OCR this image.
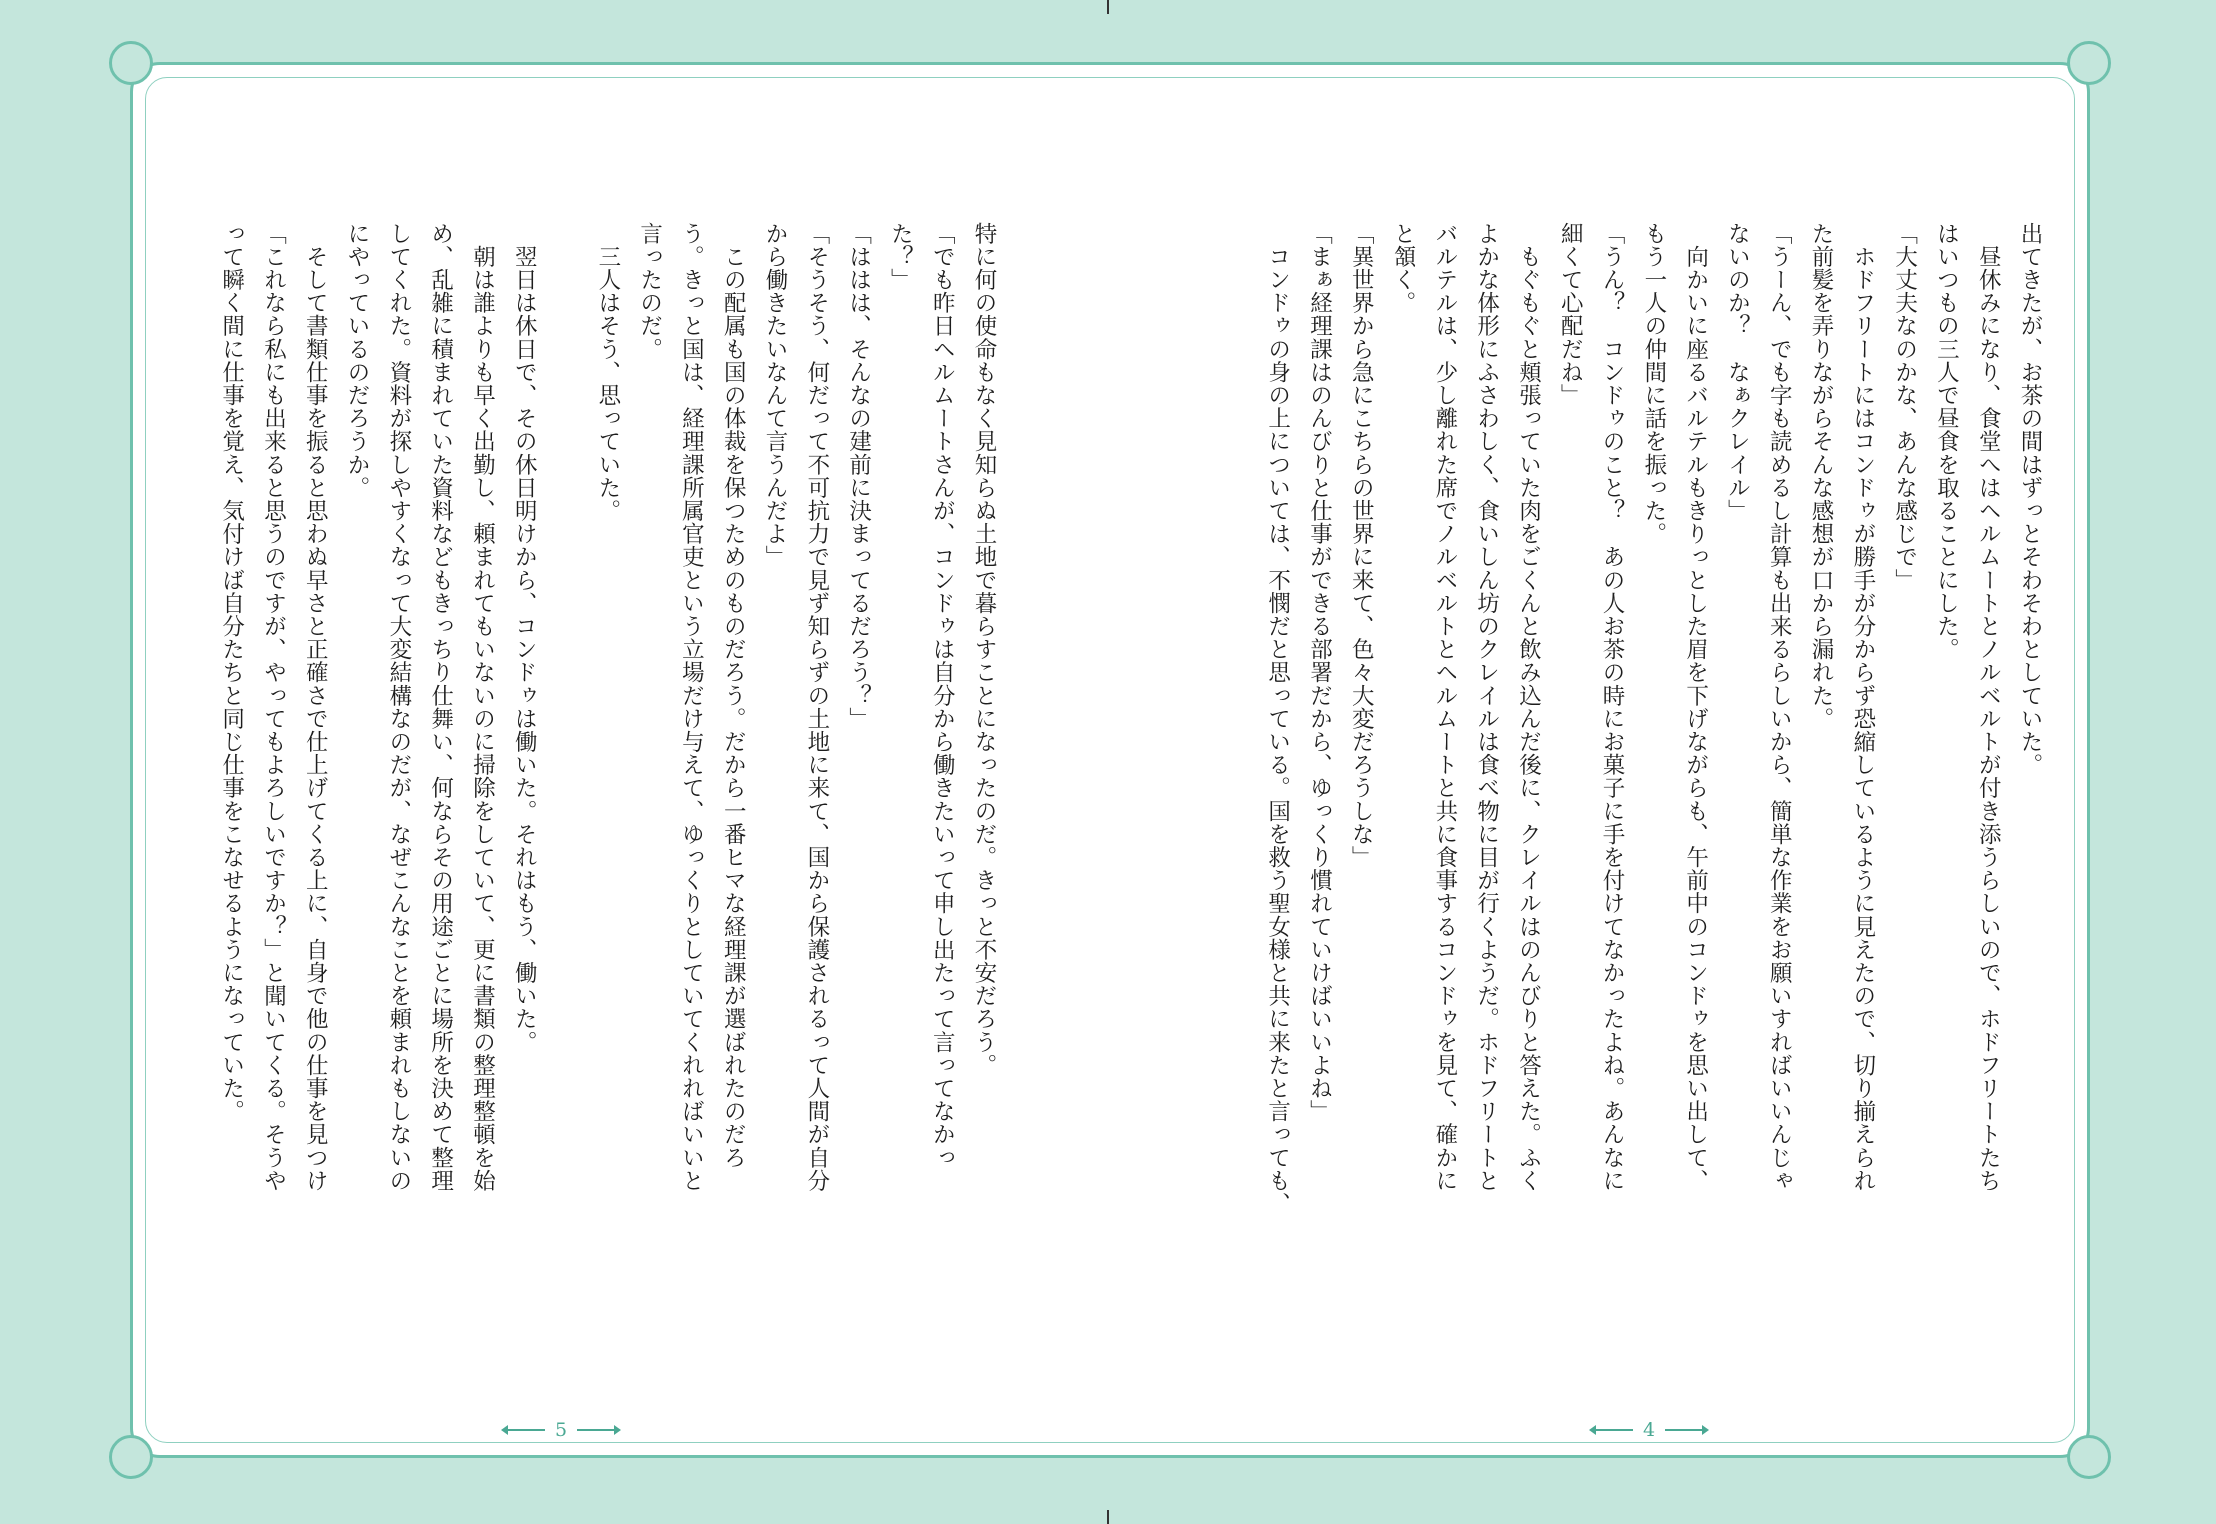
出てきたが、お茶の間はずっとそわそわとしていた。

　昼休みになり、食堂へはヘルムートとノルベルトが付き添うらしいので、ホドフリートたち

はいつもの三人で昼食を取ることにした。

「大丈夫なのかな、あんな感じで」

　ホドフリートにはコンドゥが勝手が分からず恐縮しているように見えたので、切り揃えられ

た前髪を弄りながらそんな感想が口から漏れた。

「うーん、でも字も読めるし計算も出来るらしいから、簡単な作業をお願いすればいいんじゃ

ないのか？　なぁクレイル」

　向かいに座るバルテルもきりっとした眉を下げながらも、午前中のコンドゥを思い出して、

もう一人の仲間に話を振った。

「うん？　コンドゥのこと？　あの人お茶の時にお菓子に手を付けてなかったよね。あんなに

細くて心配だね」

　もぐもぐと頬張っていた肉をごくんと飲み込んだ後に、クレイルはのんびりと答えた。ふく

よかな体形にふさわしく、食いしん坊のクレイルは食べ物に目が行くようだ。ホドフリートと

バルテルは、少し離れた席でノルベルトとヘルムートと共に食事するコンドゥを見て、確かに

と頷く。

「異世界から急にこちらの世界に来て、色々大変だろうしな」

「まぁ経理課はのんびりと仕事ができる部署だから、ゆっくり慣れていけばいいよね」

　コンドゥの身の上については、不憫だと思っている。国を救う聖女様と共に来たと言っても、

特に何の使命もなく見知らぬ土地で暮らすことになったのだ。きっと不安だろう。

「でも昨日ヘルムートさんが、コンドゥは自分から働きたいって申し出たって言ってなかっ

た？」

「ははは、そんなの建前に決まってるだろう？」

「そうそう、何だって不可抗力で見ず知らずの土地に来て、国から保護されるって人間が自分

から働きたいなんて言うんだよ」

　この配属も国の体裁を保つためのものだろう。だから一番ヒマな経理課が選ばれたのだろ

う。きっと国は、経理課所属官吏という立場だけ与えて、ゆっくりとしていてくれればいいと

言ったのだ。

　三人はそう、思っていた。

　翌日は休日で、その休日明けから、コンドゥは働いた。それはもう、働いた。

　朝は誰よりも早く出勤し、頼まれてもいないのに掃除をしていて、更に書類の整理整頓を始

め、乱雑に積まれていた資料などもきっちり仕舞い、何ならその用途ごとに場所を決めて整理

してくれた。資料が探しやすくなって大変結構なのだが、なぜこんなことを頼まれもしないの

にやっているのだろうか。

　そして書類仕事を振ると思わぬ早さと正確さで仕上げてくる上に、自身で他の仕事を見つけ

「これなら私にも出来ると思うのですが、やってもよろしいですか？」と聞いてくる。そうや

って瞬く間に仕事を覚え、気付けば自分たちと同じ仕事をこなせるようになっていた。

4
5
